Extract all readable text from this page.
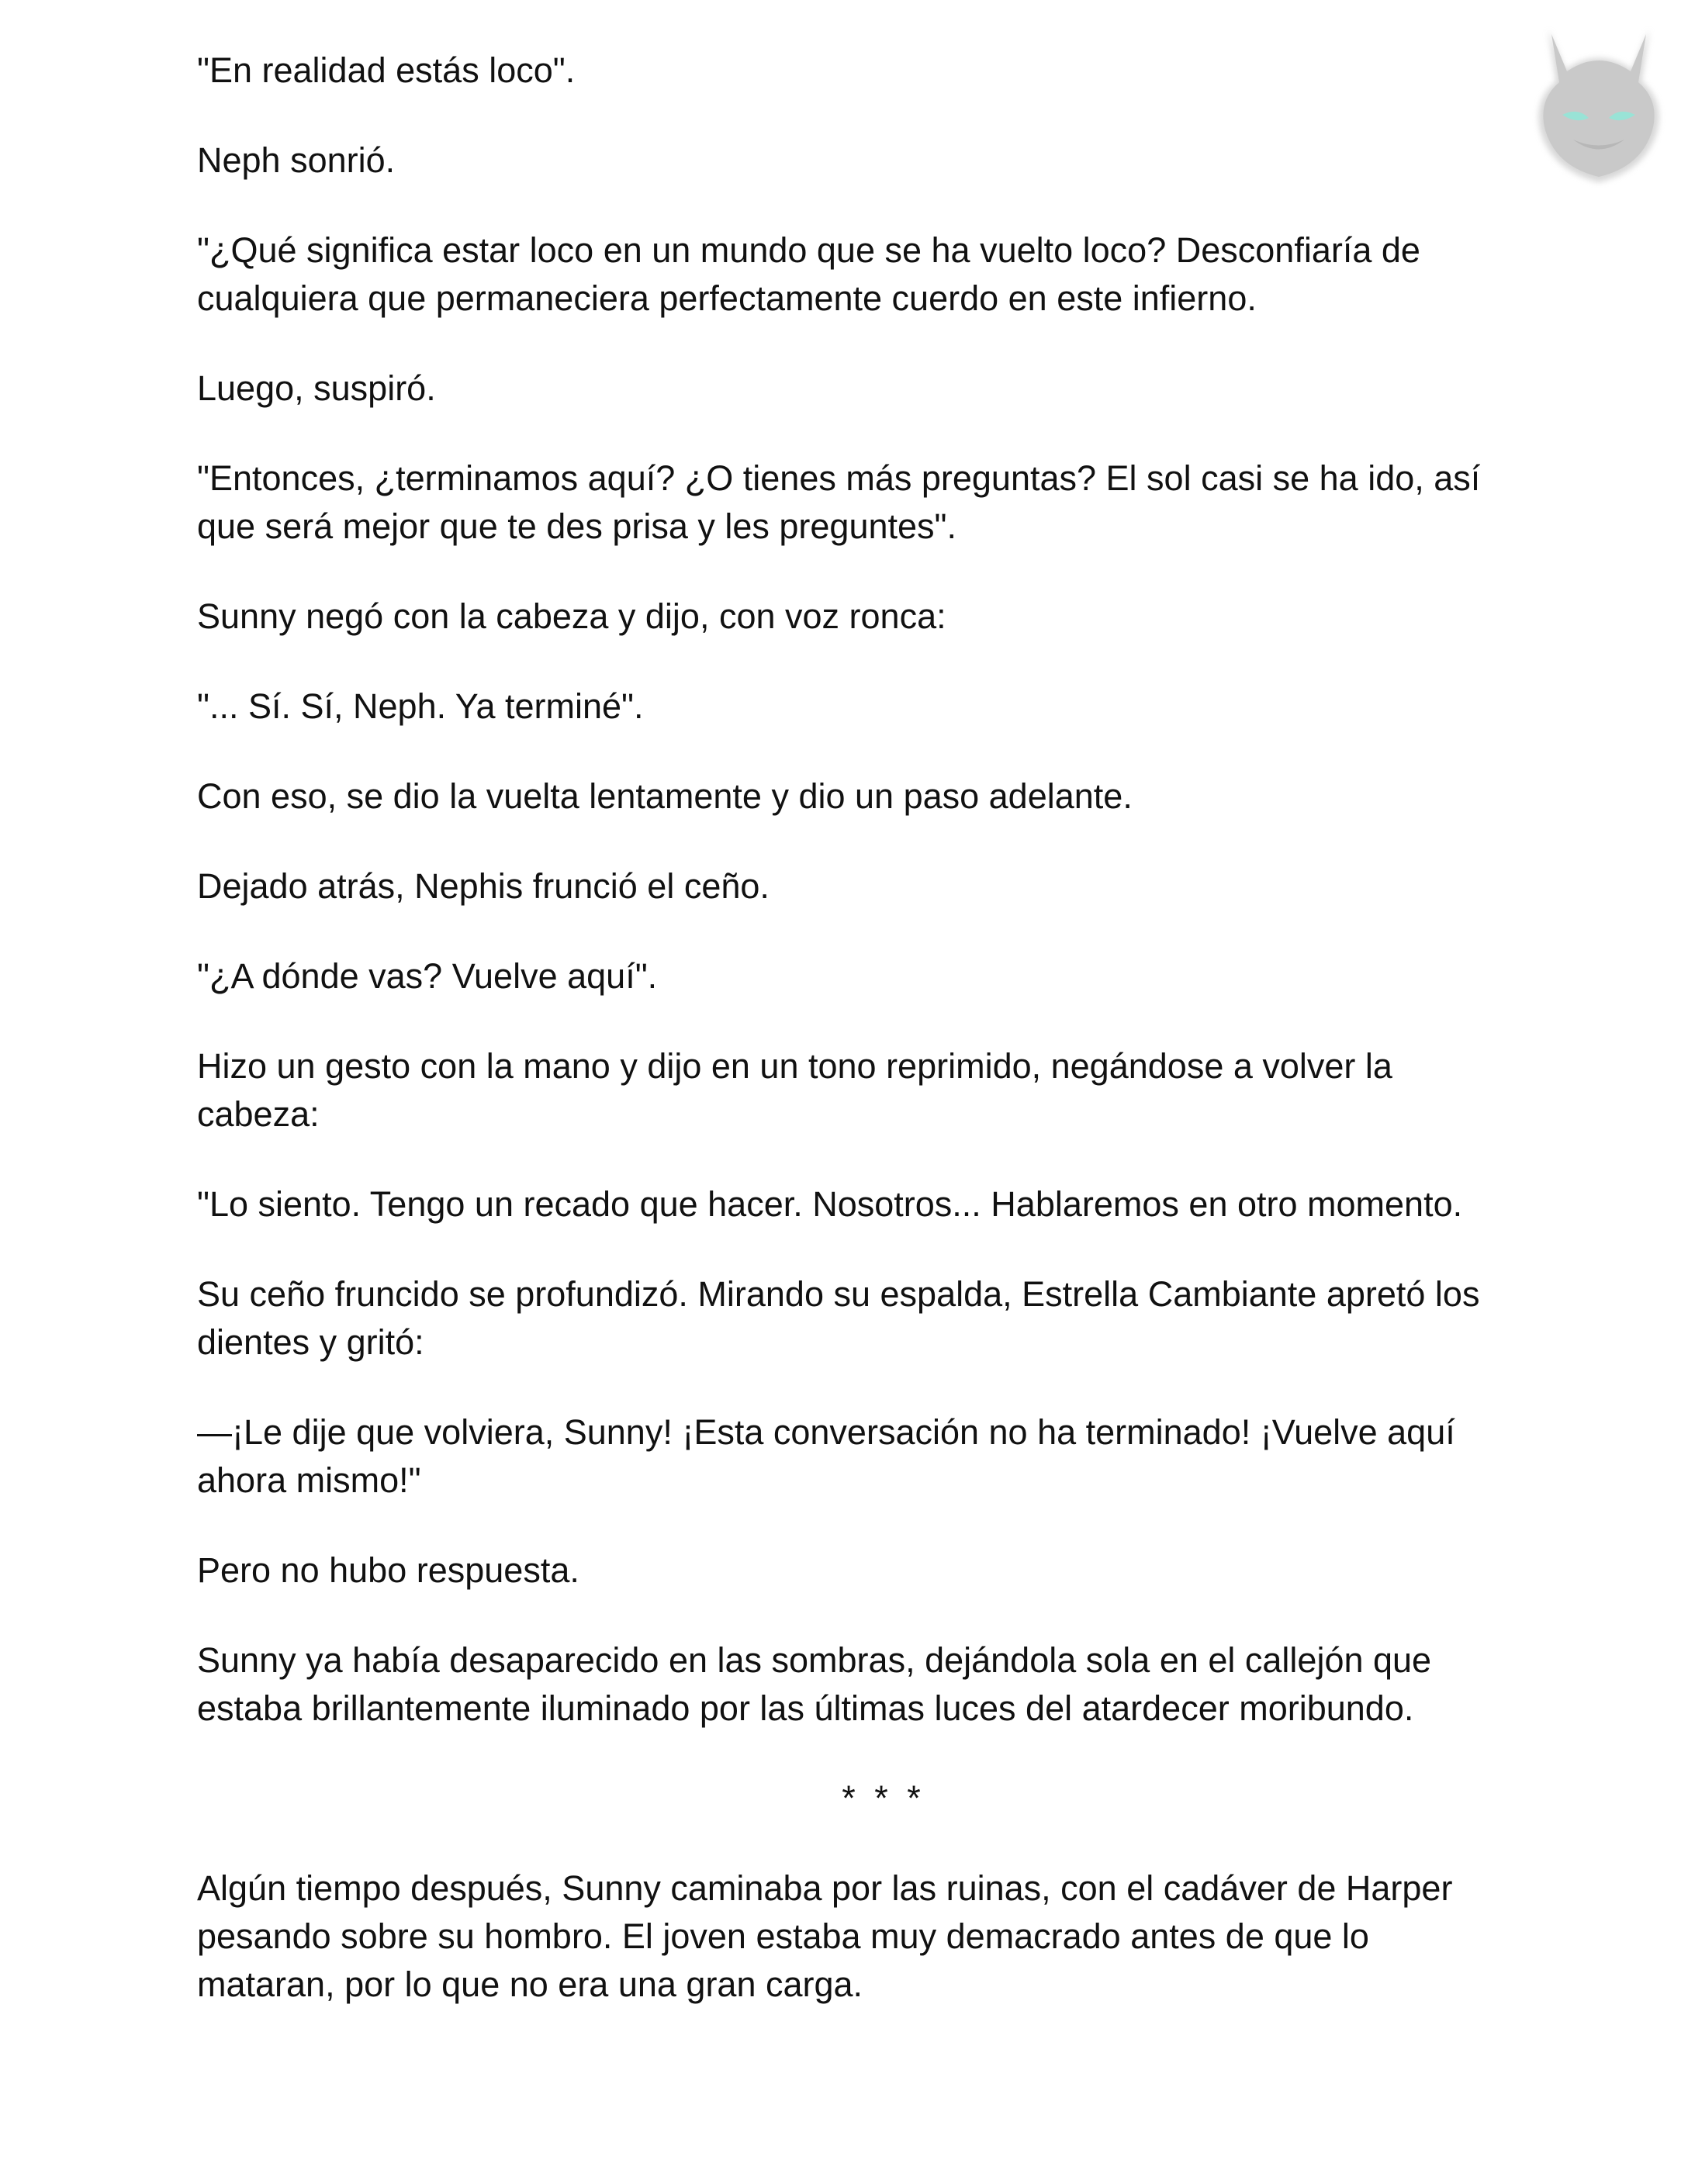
"En realidad estás loco".

Neph sonrió.

"¿Qué significa estar loco en un mundo que se ha vuelto loco? Desconfiaría de cualquiera que permaneciera perfectamente cuerdo en este infierno.

Luego, suspiró.

"Entonces, ¿terminamos aquí? ¿O tienes más preguntas? El sol casi se ha ido, así que será mejor que te des prisa y les preguntes".

Sunny negó con la cabeza y dijo, con voz ronca:

"... Sí. Sí, Neph. Ya terminé".

Con eso, se dio la vuelta lentamente y dio un paso adelante.

Dejado atrás, Nephis frunció el ceño.

"¿A dónde vas? Vuelve aquí".

Hizo un gesto con la mano y dijo en un tono reprimido, negándose a volver la cabeza:

"Lo siento. Tengo un recado que hacer. Nosotros... Hablaremos en otro momento.

Su ceño fruncido se profundizó. Mirando su espalda, Estrella Cambiante apretó los dientes y gritó:

—¡Le dije que volviera, Sunny! ¡Esta conversación no ha terminado! ¡Vuelve aquí ahora mismo!"

Pero no hubo respuesta.

Sunny ya había desaparecido en las sombras, dejándola sola en el callejón que estaba brillantemente iluminado por las últimas luces del atardecer moribundo.

* * *

Algún tiempo después, Sunny caminaba por las ruinas, con el cadáver de Harper pesando sobre su hombro. El joven estaba muy demacrado antes de que lo mataran, por lo que no era una gran carga.
